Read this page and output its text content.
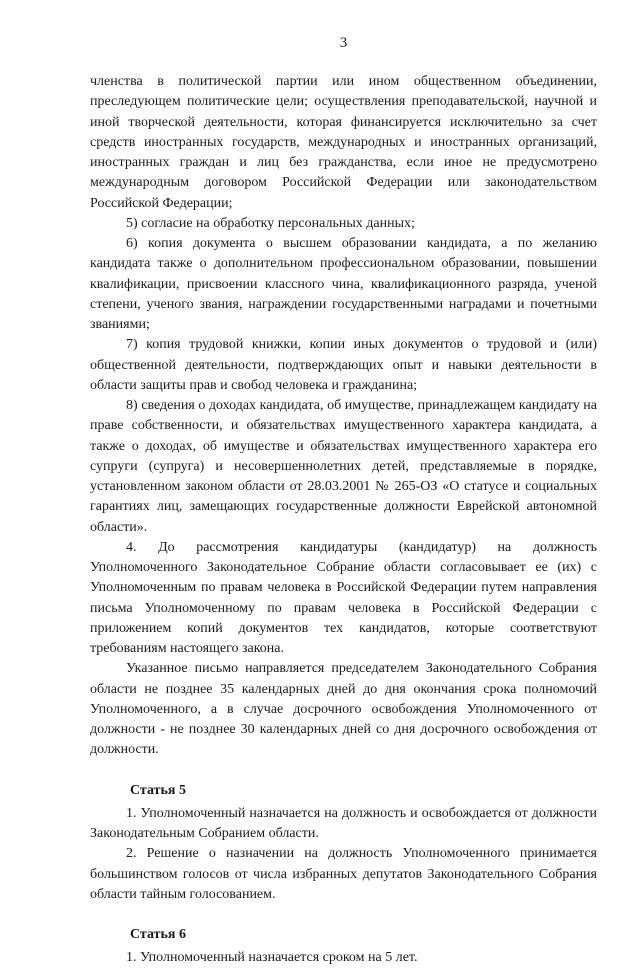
3

членства в политической партии или ином общественном объединении, преследующем политические цели; осуществления преподавательской, научной и иной творческой деятельности, которая финансируется исключительно за счет средств иностранных государств, международных и иностранных организаций, иностранных граждан и лиц без гражданства, если иное не предусмотрено международным договором Российской Федерации или законодательством Российской Федерации;

5) согласие на обработку персональных данных;

6) копия документа о высшем образовании кандидата, а по желанию кандидата также о дополнительном профессиональном образовании, повышении квалификации, присвоении классного чина, квалификационного разряда, ученой степени, ученого звания, награждении государственными наградами и почетными званиями;

7) копия трудовой книжки, копии иных документов о трудовой и (или) общественной деятельности, подтверждающих опыт и навыки деятельности в области защиты прав и свобод человека и гражданина;

8) сведения о доходах кандидата, об имуществе, принадлежащем кандидату на праве собственности, и обязательствах имущественного характера кандидата, а также о доходах, об имуществе и обязательствах имущественного характера его супруги (супруга) и несовершеннолетних детей, представляемые в порядке, установленном законом области от 28.03.2001 № 265-ОЗ «О статусе и социальных гарантиях лиц, замещающих государственные должности Еврейской автономной области».

4. До рассмотрения кандидатуры (кандидатур) на должность Уполномоченного Законодательное Собрание области согласовывает ее (их) с Уполномоченным по правам человека в Российской Федерации путем направления письма Уполномоченному по правам человека в Российской Федерации с приложением копий документов тех кандидатов, которые соответствуют требованиям настоящего закона.

Указанное письмо направляется председателем Законодательного Собрания области не позднее 35 календарных дней до дня окончания срока полномочий Уполномоченного, а в случае досрочного освобождения Уполномоченного от должности - не позднее 30 календарных дней со дня досрочного освобождения от должности.

Статья 5

1. Уполномоченный назначается на должность и освобождается от должности Законодательным Собранием области.

2. Решение о назначении на должность Уполномоченного принимается большинством голосов от числа избранных депутатов Законодательного Собрания области тайным голосованием.

Статья 6

1. Уполномоченный назначается сроком на 5 лет.
